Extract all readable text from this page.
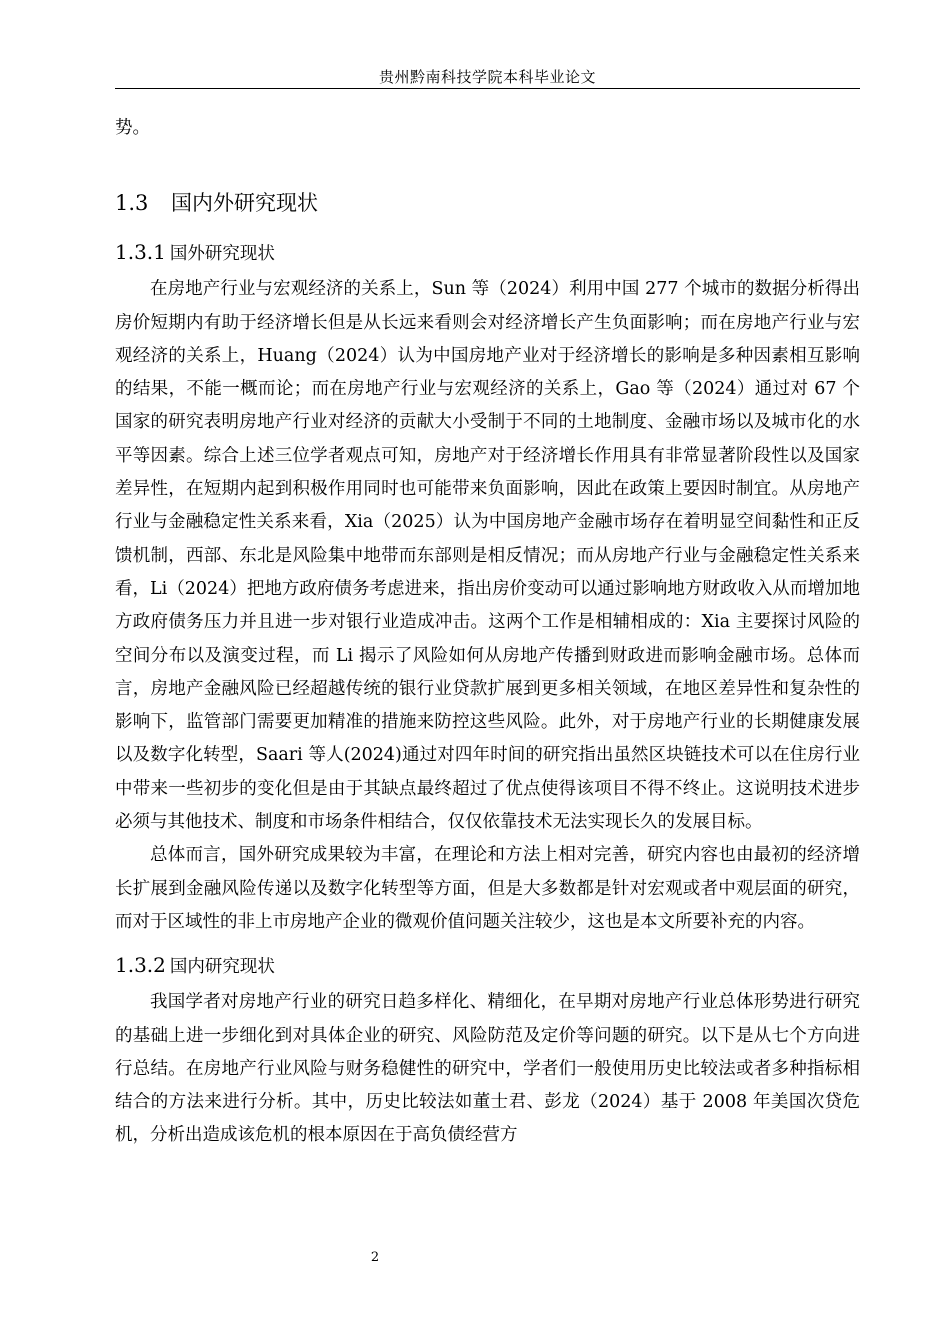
贵州黔南科技学院本科毕业论文

势。

1.3 国内外研究现状
1.3.1 国外研究现状

在房地产行业与宏观经济的关系上，Sun 等（2024）利用中国 277 个城市的数据分析得出房价短期内有助于经济增长但是从长远来看则会对经济增长产生负面影响；而在房地产行业与宏观经济的关系上，Huang（2024）认为中国房地产业对于经济增长的影响是多种因素相互影响的结果，不能一概而论；而在房地产行业与宏观经济的关系上，Gao 等（2024）通过对 67 个国家的研究表明房地产行业对经济的贡献大小受制于不同的土地制度、金融市场以及城市化的水平等因素。综合上述三位学者观点可知，房地产对于经济增长作用具有非常显著阶段性以及国家差异性，在短期内起到积极作用同时也可能带来负面影响，因此在政策上要因时制宜。从房地产行业与金融稳定性关系来看，Xia（2025）认为中国房地产金融市场存在着明显空间黏性和正反馈机制，西部、东北是风险集中地带而东部则是相反情况；而从房地产行业与金融稳定性关系来看，Li（2024）把地方政府债务考虑进来，指出房价变动可以通过影响地方财政收入从而增加地方政府债务压力并且进一步对银行业造成冲击。这两个工作是相辅相成的：Xia 主要探讨风险的空间分布以及演变过程，而 Li 揭示了风险如何从房地产传播到财政进而影响金融市场。总体而言，房地产金融风险已经超越传统的银行业贷款扩展到更多相关领域，在地区差异性和复杂性的影响下，监管部门需要更加精准的措施来防控这些风险。此外，对于房地产行业的长期健康发展以及数字化转型，Saari 等人(2024)通过对四年时间的研究指出虽然区块链技术可以在住房行业中带来一些初步的变化但是由于其缺点最终超过了优点使得该项目不得不终止。这说明技术进步必须与其他技术、制度和市场条件相结合，仅仅依靠技术无法实现长久的发展目标。

总体而言，国外研究成果较为丰富，在理论和方法上相对完善，研究内容也由最初的经济增长扩展到金融风险传递以及数字化转型等方面，但是大多数都是针对宏观或者中观层面的研究，而对于区域性的非上市房地产企业的微观价值问题关注较少，这也是本文所要补充的内容。

1.3.2 国内研究现状

我国学者对房地产行业的研究日趋多样化、精细化，在早期对房地产行业总体形势进行研究的基础上进一步细化到对具体企业的研究、风险防范及定价等问题的研究。以下是从七个方向进行总结。在房地产行业风险与财务稳健性的研究中，学者们一般使用历史比较法或者多种指标相结合的方法来进行分析。其中，历史比较法如董士君、彭龙（2024）基于 2008 年美国次贷危机，分析出造成该危机的根本原因在于高负债经营方

2
